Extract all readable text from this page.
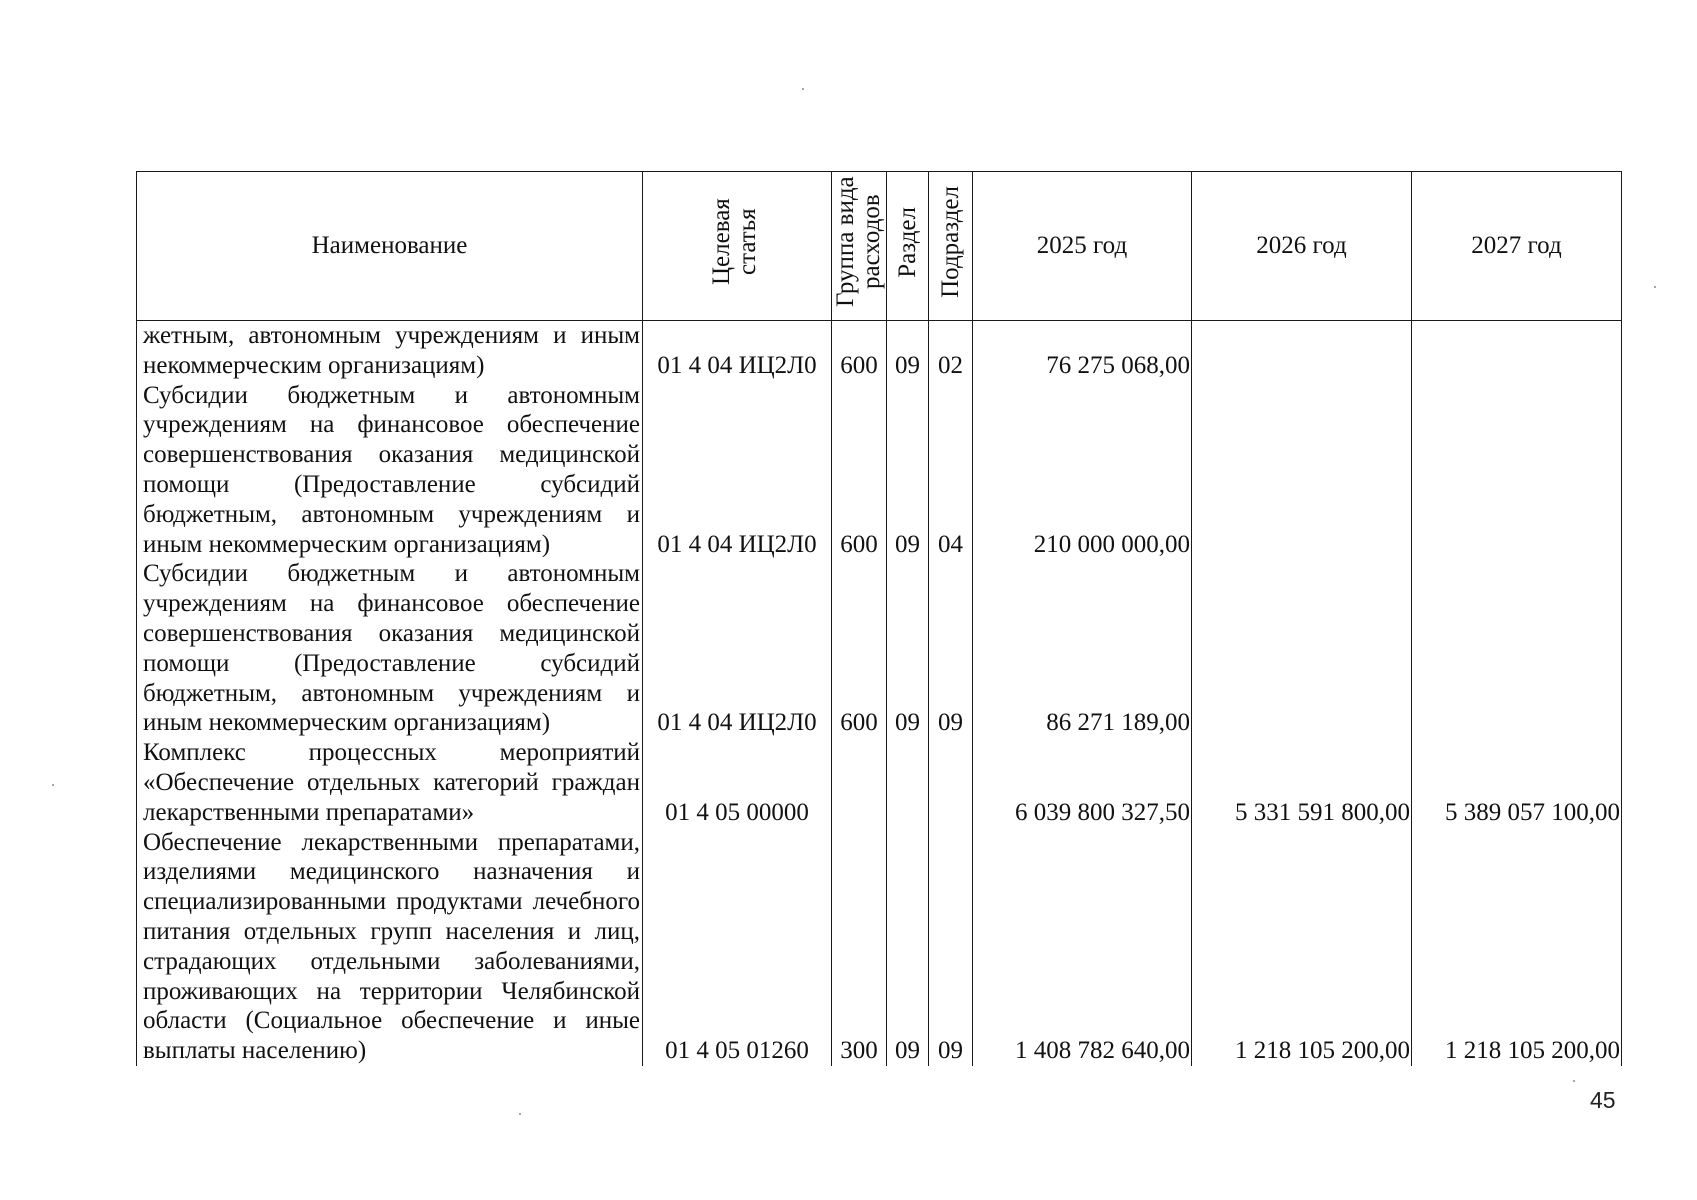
Наименование	Целевая статья	Группа вида расходов	Раздел	Подраздел	2025 год	2026 год	2027 год
жетным, автономным учреждениям и иным некоммерческим организациям)	01 4 04 ИЦ2Л0	600	09	02	76 275 068,00		
Субсидии бюджетным и автономным учреждениям на финансовое обеспечение совершенствования оказания медицинской помощи (Предоставление субсидий бюджетным, автономным учреждениям и иным некоммерческим организациям)	01 4 04 ИЦ2Л0	600	09	04	210 000 000,00		
Субсидии бюджетным и автономным учреждениям на финансовое обеспечение совершенствования оказания медицинской помощи (Предоставление субсидий бюджетным, автономным учреждениям и иным некоммерческим организациям)	01 4 04 ИЦ2Л0	600	09	09	86 271 189,00		
Комплекс процессных мероприятий «Обеспечение отдельных категорий граждан лекарственными препаратами»	01 4 05 00000				6 039 800 327,50	5 331 591 800,00	5 389 057 100,00
Обеспечение лекарственными препаратами, изделиями медицинского назначения и специализированными продуктами лечебного питания отдельных групп населения и лиц, страдающих отдельными заболеваниями, проживающих на территории Челябинской области (Социальное обеспечение и иные выплаты населению)	01 4 05 01260	300	09	09	1 408 782 640,00	1 218 105 200,00	1 218 105 200,00
45
